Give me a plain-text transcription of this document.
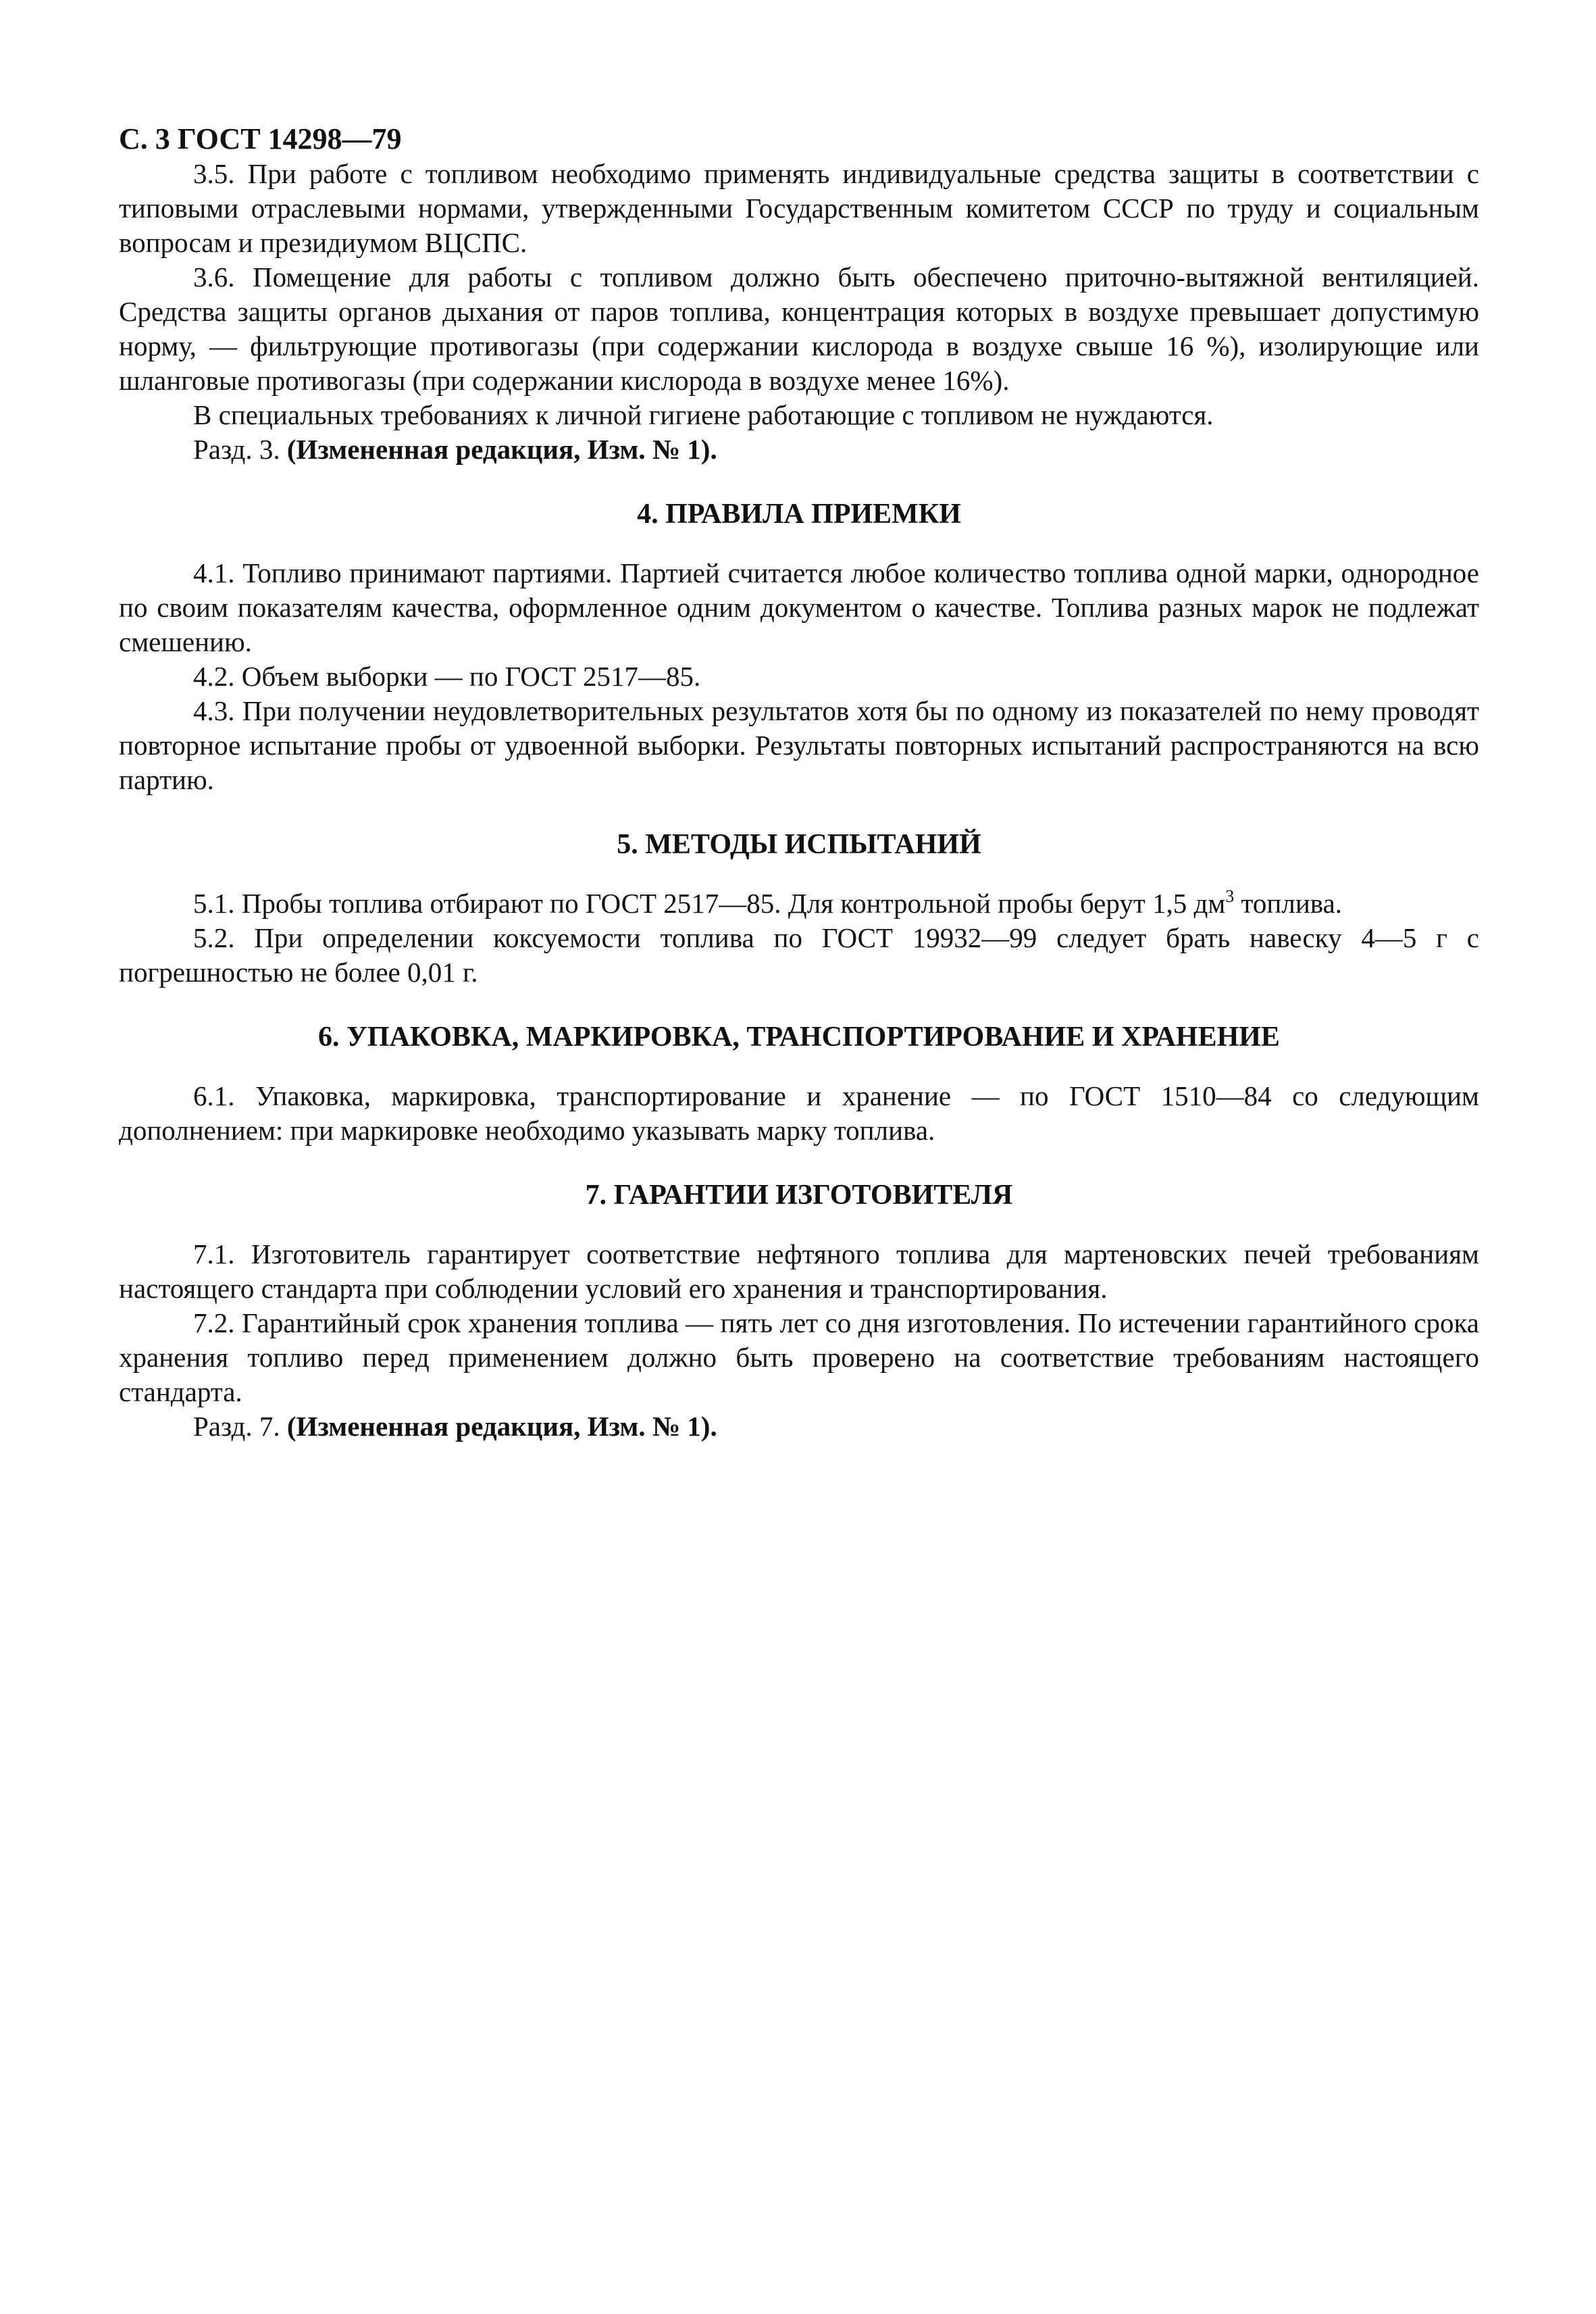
С. 3 ГОСТ 14298—79

3.5. При работе с топливом необходимо применять индивидуальные средства защиты в соответствии с типовыми отраслевыми нормами, утвержденными Государственным комитетом СССР по труду и социальным вопросам и президиумом ВЦСПС.

3.6. Помещение для работы с топливом должно быть обеспечено приточно-вытяжной вентиляцией. Средства защиты органов дыхания от паров топлива, концентрация которых в воздухе превышает допустимую норму, — фильтрующие противогазы (при содержании кислорода в воздухе свыше 16 %), изолирующие или шланговые противогазы (при содержании кислорода в воздухе менее 16%).

В специальных требованиях к личной гигиене работающие с топливом не нуждаются.

Разд. 3. (Измененная редакция, Изм. № 1).

4. ПРАВИЛА ПРИЕМКИ

4.1. Топливо принимают партиями. Партией считается любое количество топлива одной марки, однородное по своим показателям качества, оформленное одним документом о качестве. Топлива разных марок не подлежат смешению.

4.2. Объем выборки — по ГОСТ 2517—85.

4.3. При получении неудовлетворительных результатов хотя бы по одному из показателей по нему проводят повторное испытание пробы от удвоенной выборки. Результаты повторных испытаний распространяются на всю партию.

5. МЕТОДЫ ИСПЫТАНИЙ

5.1. Пробы топлива отбирают по ГОСТ 2517—85. Для контрольной пробы берут 1,5 $дм^3$ топлива.

5.2. При определении коксуемости топлива по ГОСТ 19932—99 следует брать навеску 4—5 г с погрешностью не более 0,01 г.

6. УПАКОВКА, МАРКИРОВКА, ТРАНСПОРТИРОВАНИЕ И ХРАНЕНИЕ

6.1. Упаковка, маркировка, транспортирование и хранение — по ГОСТ 1510—84 со следующим дополнением: при маркировке необходимо указывать марку топлива.

7. ГАРАНТИИ ИЗГОТОВИТЕЛЯ

7.1. Изготовитель гарантирует соответствие нефтяного топлива для мартеновских печей требованиям настоящего стандарта при соблюдении условий его хранения и транспортирования.

7.2. Гарантийный срок хранения топлива — пять лет со дня изготовления. По истечении гарантийного срока хранения топливо перед применением должно быть проверено на соответствие требованиям настоящего стандарта.

Разд. 7. (Измененная редакция, Изм. № 1).
